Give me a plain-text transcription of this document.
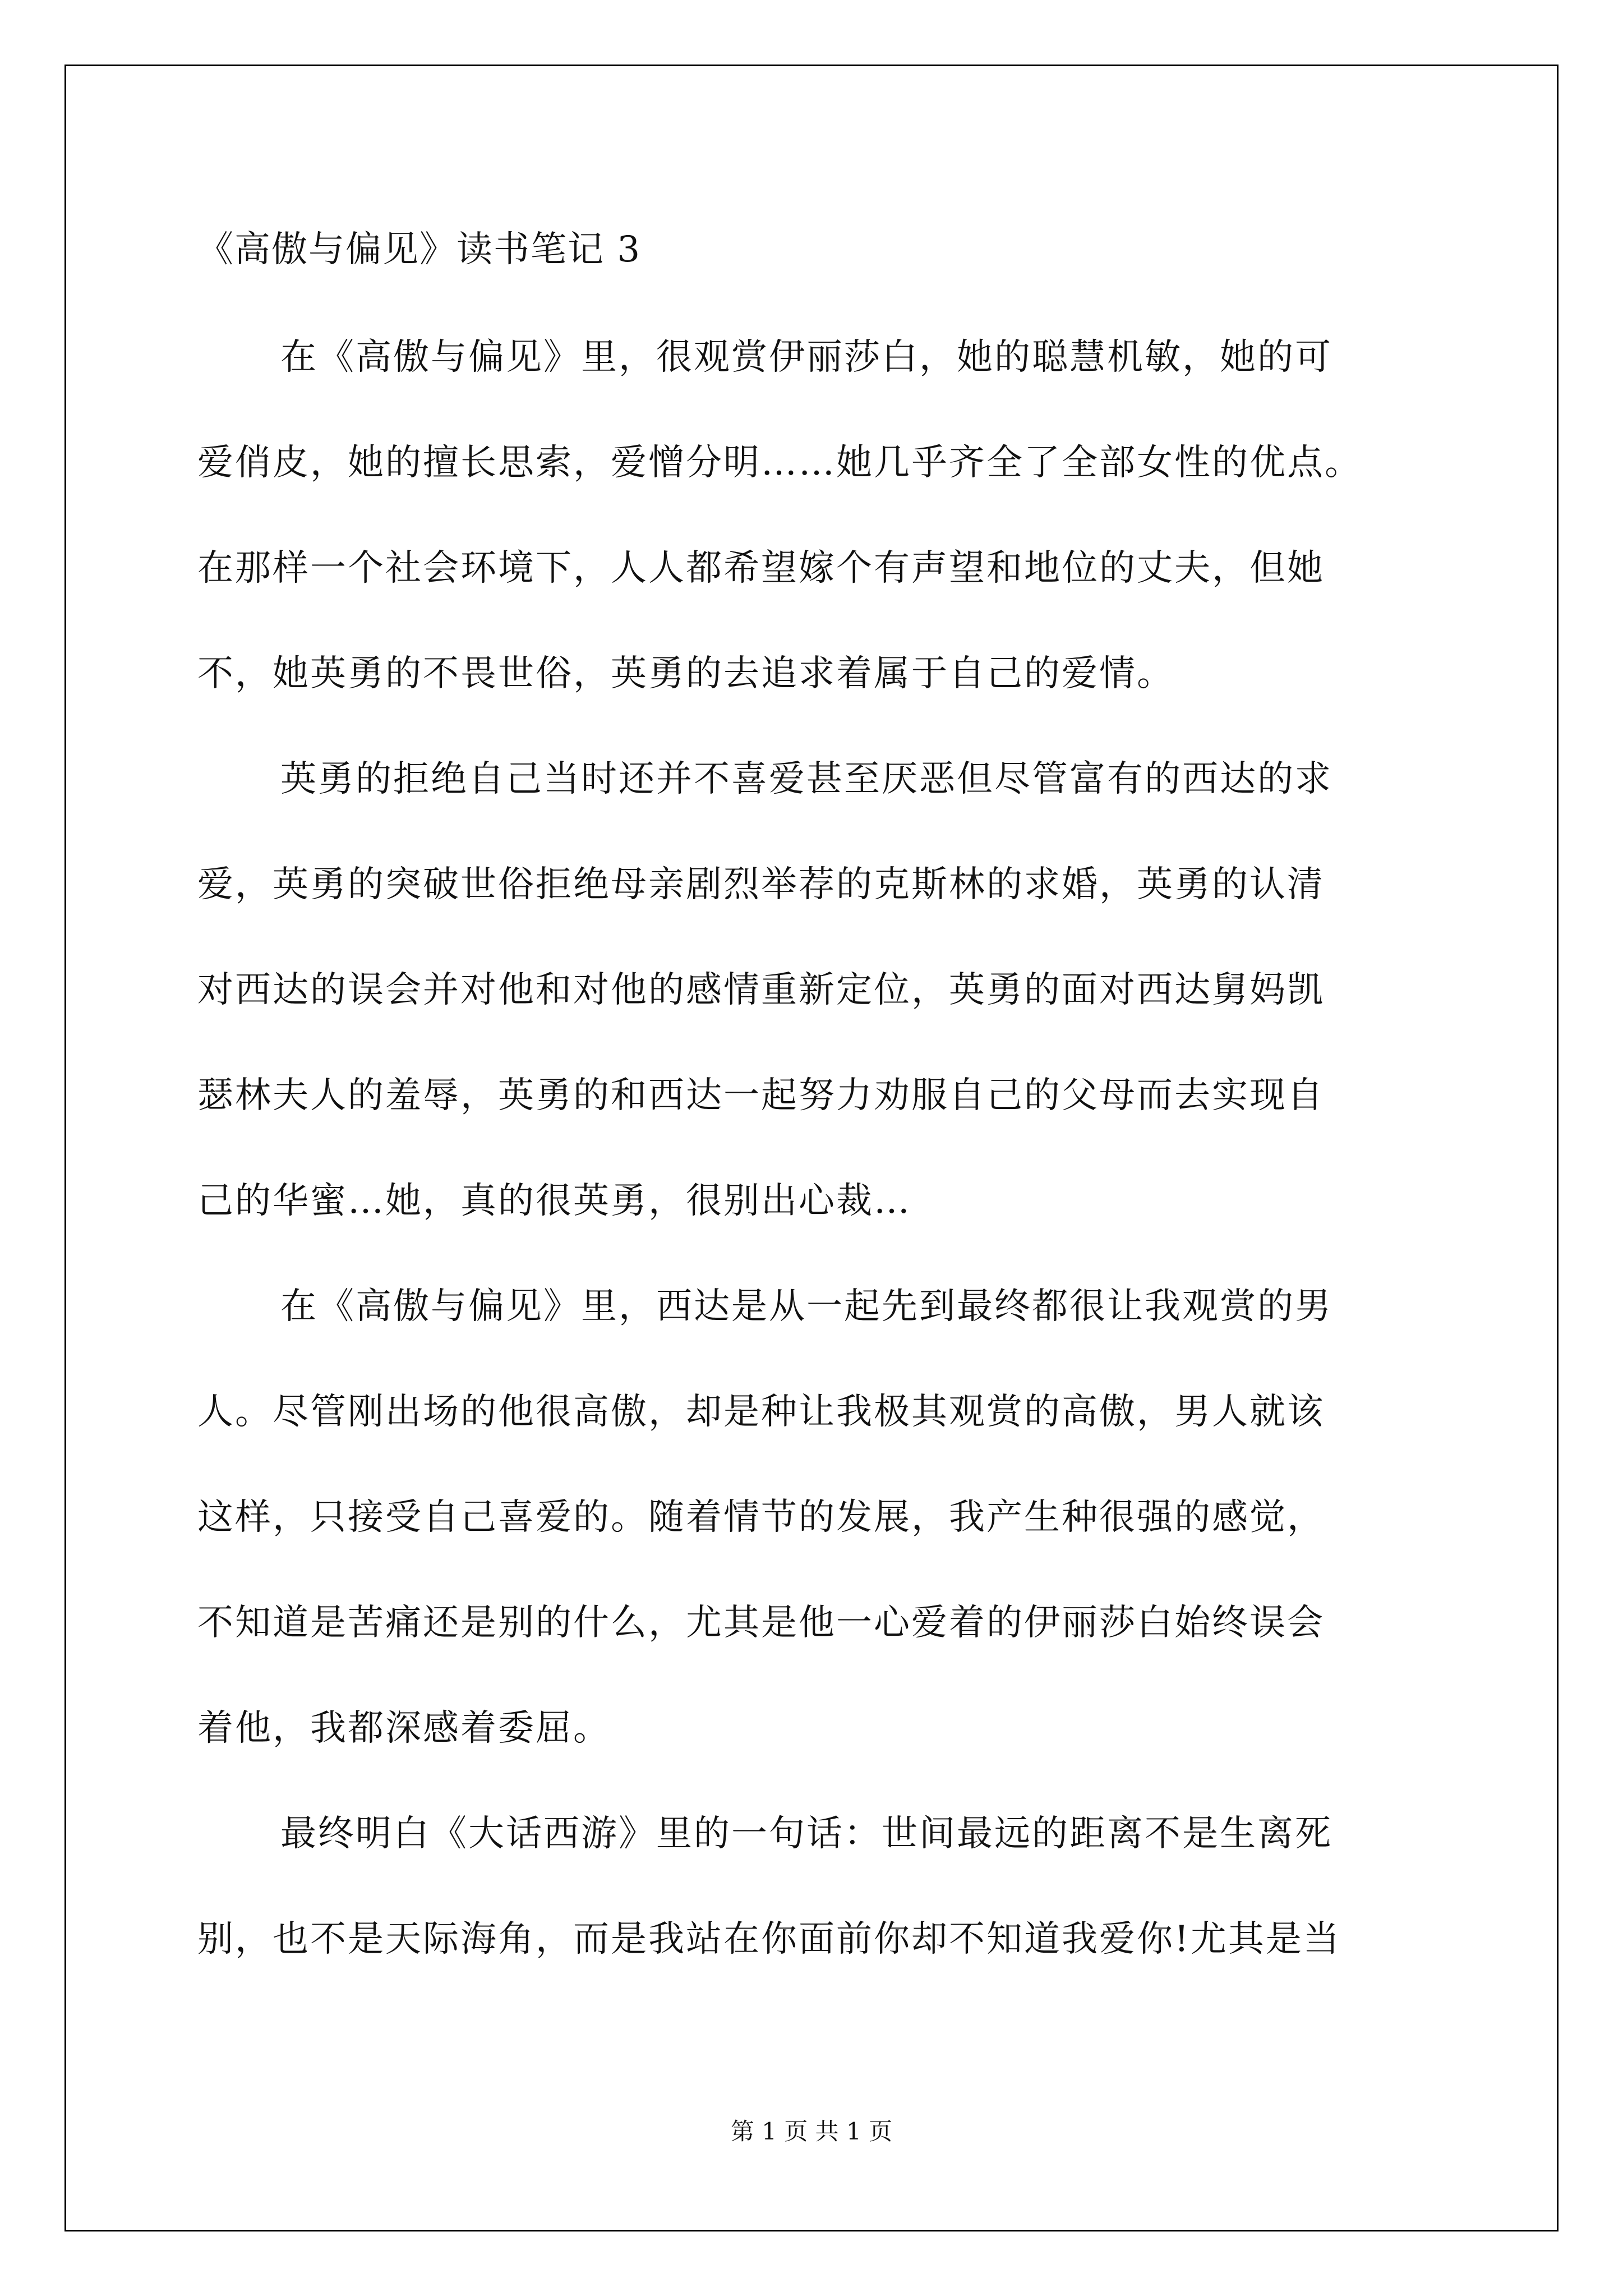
《高傲与偏见》读书笔记 3
在《高傲与偏见》里，很观赏伊丽莎白，她的聪慧机敏，她的可
爱俏皮，她的擅长思索，爱憎分明……她几乎齐全了全部女性的优点。
在那样一个社会环境下，人人都希望嫁个有声望和地位的丈夫，但她
不，她英勇的不畏世俗，英勇的去追求着属于自己的爱情。
英勇的拒绝自己当时还并不喜爱甚至厌恶但尽管富有的西达的求
爱，英勇的突破世俗拒绝母亲剧烈举荐的克斯林的求婚，英勇的认清
对西达的误会并对他和对他的感情重新定位，英勇的面对西达舅妈凯
瑟林夫人的羞辱，英勇的和西达一起努力劝服自己的父母而去实现自
己的华蜜…她，真的很英勇，很别出心裁…
在《高傲与偏见》里，西达是从一起先到最终都很让我观赏的男
人。尽管刚出场的他很高傲，却是种让我极其观赏的高傲，男人就该
这样，只接受自己喜爱的。随着情节的发展，我产生种很强的感觉，
不知道是苦痛还是别的什么，尤其是他一心爱着的伊丽莎白始终误会
着他，我都深感着委屈。
最终明白《大话西游》里的一句话：世间最远的距离不是生离死
别，也不是天际海角，而是我站在你面前你却不知道我爱你!尤其是当
第 1 页 共 1 页
